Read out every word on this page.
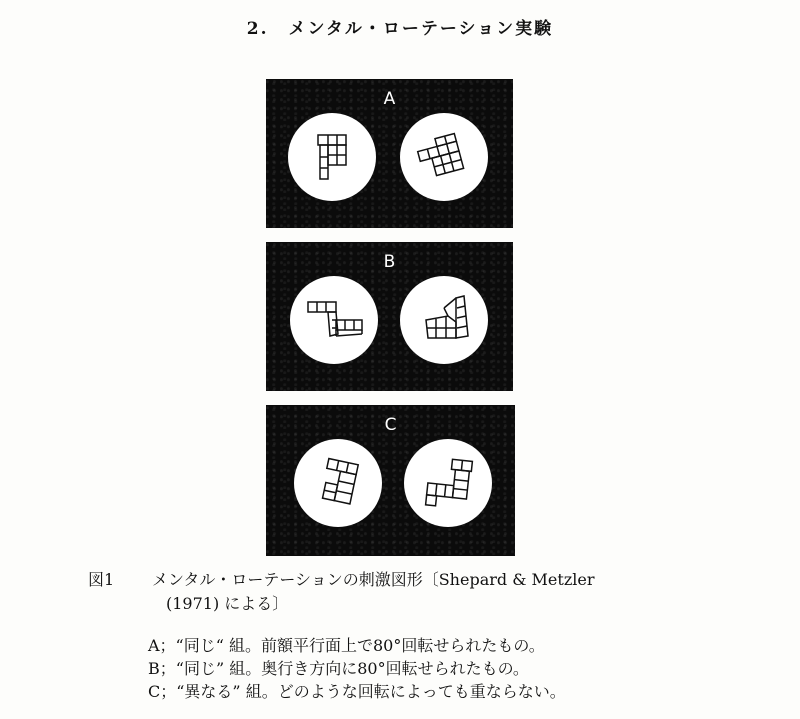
2. メンタル・ローテーション実験
A
B
C
図1 メンタル・ローテーションの刺激図形〔Shepard & Metzler
(1971) による〕
A；“同じ“ 組。前額平行面上で80°回転せられたもの。
B；“同じ” 組。奥行き方向に80°回転せられたもの。
C；“異なる” 組。どのような回転によっても重ならない。
